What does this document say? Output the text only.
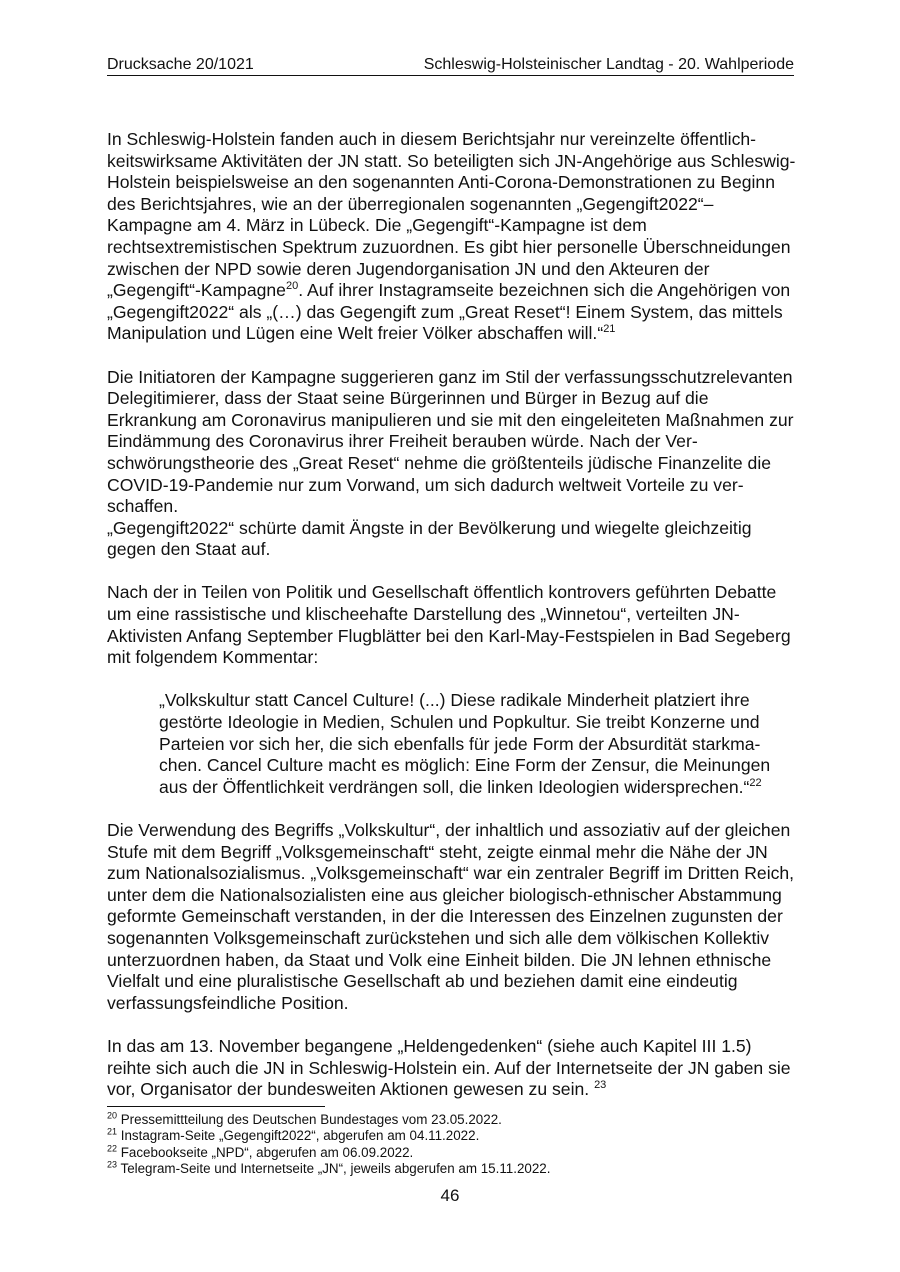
Drucksache 20/1021	Schleswig-Holsteinischer Landtag - 20. Wahlperiode

In Schleswig-Holstein fanden auch in diesem Berichtsjahr nur vereinzelte öffentlichkeitswirksame Aktivitäten der JN statt. So beteiligten sich JN-Angehörige aus Schleswig-Holstein beispielsweise an den sogenannten Anti-Corona-Demonstrationen zu Beginn des Berichtsjahres, wie an der überregionalen sogenannten „Gegengift2022“–Kampagne am 4. März in Lübeck. Die „Gegengift“-Kampagne ist dem rechtsextremistischen Spektrum zuzuordnen. Es gibt hier personelle Überschneidungen zwischen der NPD sowie deren Jugendorganisation JN und den Akteuren der „Gegengift“-Kampagne$^{20}$. Auf ihrer Instagramseite bezeichnen sich die Angehörigen von „Gegengift2022“ als „(…) das Gegengift zum „Great Reset“! Einem System, das mittels Manipulation und Lügen eine Welt freier Völker abschaffen will.“$^{21}$

Die Initiatoren der Kampagne suggerieren ganz im Stil der verfassungsschutzrelevanten Delegitimierer, dass der Staat seine Bürgerinnen und Bürger in Bezug auf die Erkrankung am Coronavirus manipulieren und sie mit den eingeleiteten Maßnahmen zur Eindämmung des Coronavirus ihrer Freiheit berauben würde. Nach der Verschwörungstheorie des „Great Reset“ nehme die größtenteils jüdische Finanzelite die COVID-19-Pandemie nur zum Vorwand, um sich dadurch weltweit Vorteile zu verschaffen.

„Gegengift2022“ schürte damit Ängste in der Bevölkerung und wiegelte gleichzeitig gegen den Staat auf.

Nach der in Teilen von Politik und Gesellschaft öffentlich kontrovers geführten Debatte um eine rassistische und klischeehafte Darstellung des „Winnetou“, verteilten JN-Aktivisten Anfang September Flugblätter bei den Karl-May-Festspielen in Bad Segeberg mit folgendem Kommentar:

„Volkskultur statt Cancel Culture! (...) Diese radikale Minderheit platziert ihre gestörte Ideologie in Medien, Schulen und Popkultur. Sie treibt Konzerne und Parteien vor sich her, die sich ebenfalls für jede Form der Absurdität starkmachen. Cancel Culture macht es möglich: Eine Form der Zensur, die Meinungen aus der Öffentlichkeit verdrängen soll, die linken Ideologien widersprechen.“$^{22}$

Die Verwendung des Begriffs „Volkskultur“, der inhaltlich und assoziativ auf der gleichen Stufe mit dem Begriff „Volksgemeinschaft“ steht, zeigte einmal mehr die Nähe der JN zum Nationalsozialismus. „Volksgemeinschaft“ war ein zentraler Begriff im Dritten Reich, unter dem die Nationalsozialisten eine aus gleicher biologisch-ethnischer Abstammung geformte Gemeinschaft verstanden, in der die Interessen des Einzelnen zugunsten der sogenannten Volksgemeinschaft zurückstehen und sich alle dem völkischen Kollektiv unterzuordnen haben, da Staat und Volk eine Einheit bilden. Die JN lehnen ethnische Vielfalt und eine pluralistische Gesellschaft ab und beziehen damit eine eindeutig verfassungsfeindliche Position.

In das am 13. November begangene „Heldengedenken“ (siehe auch Kapitel III 1.5) reihte sich auch die JN in Schleswig-Holstein ein. Auf der Internetseite der JN gaben sie vor, Organisator der bundesweiten Aktionen gewesen zu sein. $^{23}$

$^{20}$ Pressemittteilung des Deutschen Bundestages vom 23.05.2022.
$^{21}$ Instagram-Seite „Gegengift2022“, abgerufen am 04.11.2022.
$^{22}$ Facebookseite „NPD“, abgerufen am 06.09.2022.
$^{23}$ Telegram-Seite und Internetseite „JN“, jeweils abgerufen am 15.11.2022.
46
